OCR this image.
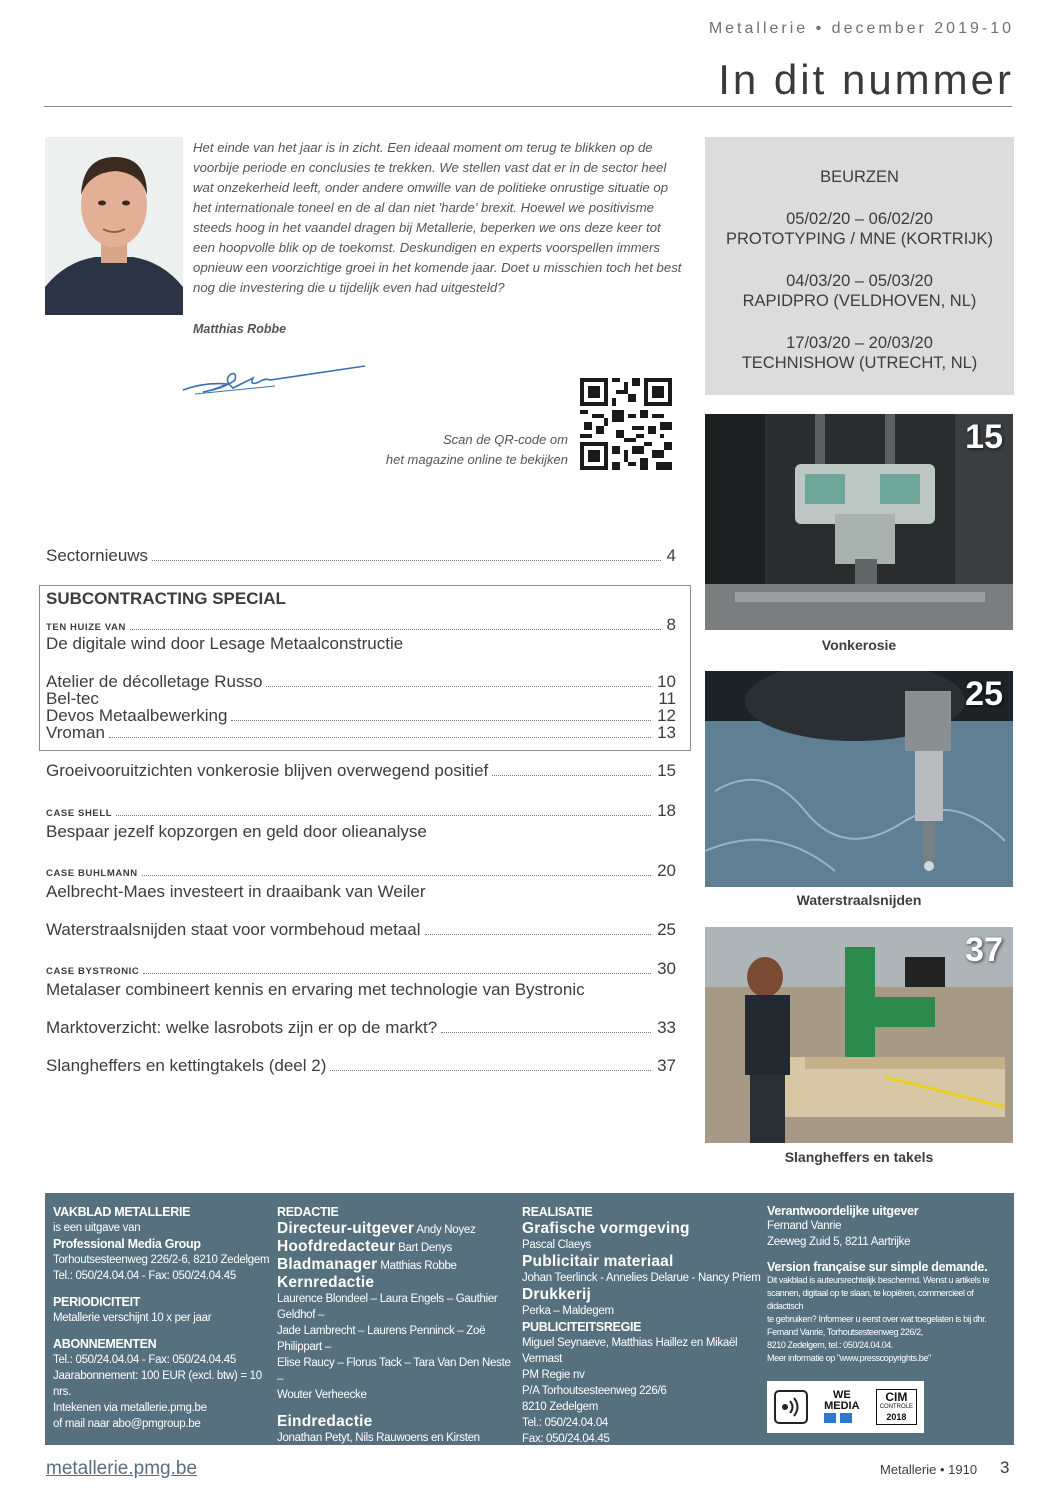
Metallerie • december 2019-10
In dit nummer

Het einde van het jaar is in zicht. Een ideaal moment om terug te blikken op de voorbije periode en conclusies te trekken. We stellen vast dat er in de sector heel wat onzekerheid leeft, onder andere omwille van de politieke onrustige situatie op het internationale toneel en de al dan niet 'harde' brexit. Hoewel we positivisme steeds hoog in het vaandel dragen bij Metallerie, beperken we ons deze keer tot een hoopvolle blik op de toekomst. Deskundigen en experts voorspellen immers opnieuw een voorzichtige groei in het komende jaar. Doet u misschien toch het best nog die investering die u tijdelijk even had uitgesteld?

Matthias Robbe
Scan de QR-code om
het magazine online te bekijken
BEURZEN
05/02/20 – 06/02/20
PROTOTYPING / MNE (KORTRIJK)
04/03/20 – 05/03/20
RAPIDPRO (VELDHOVEN, NL)
17/03/20 – 20/03/20
TECHNISHOW (UTRECHT, NL)
15
Vonkerosie
25
Waterstraalsnijden
37
Slangheffers en takels
Sectornieuws	4
SUBCONTRACTING SPECIAL
TEN HUIZE VAN	8
De digitale wind door Lesage Metaalconstructie
Atelier de décolletage Russo	10
Bel-tec	11
Devos Metaalbewerking	12
Vroman	13
Groeivooruitzichten vonkerosie blijven overwegend positief	15
CASE SHELL	18
Bespaar jezelf kopzorgen en geld door olieanalyse
CASE BUHLMANN	20
Aelbrecht-Maes investeert in draaibank van Weiler
Waterstraalsnijden staat voor vormbehoud metaal	25
CASE BYSTRONIC	30
Metalaser combineert kennis en ervaring met technologie van Bystronic
Marktoverzicht: welke lasrobots zijn er op de markt?	33
Slangheffers en kettingtakels (deel 2)	37
VAKBLAD METALLERIE
is een uitgave van
Professional Media Group
Torhoutsesteenweg 226/2-6, 8210 Zedelgem
Tel.: 050/24.04.04 - Fax: 050/24.04.45
PERIODICITEIT
Metallerie verschijnt 10 x per jaar
ABONNEMENTEN
Tel.: 050/24.04.04 - Fax: 050/24.04.45
Jaarabonnement: 100 EUR (excl. btw) = 10 nrs.
Intekenen via metallerie.pmg.be
of mail naar abo@pmgroup.be
REDACTIE
Directeur-uitgever Andy Noyez
Hoofdredacteur Bart Denys
Bladmanager Matthias Robbe
Kernredactie
Laurence Blondeel – Laura Engels – Gauthier Geldhof –
Jade Lambrecht – Laurens Penninck – Zoë Philippart –
Elise Raucy – Florus Tack – Tara Van Den Neste –
Wouter Verheecke
Eindredactie
Jonathan Petyt, Nils Rauwoens en Kirsten Ricquier
Medewerkers
Sammy Soetaert – Kevin Vercauteren – Peter Weber
REALISATIE
Grafische vormgeving
Pascal Claeys
Publicitair materiaal
Johan Teerlinck - Annelies Delarue - Nancy Priem
Drukkerij
Perka – Maldegem
PUBLICITEITSREGIE
Miguel Seynaeve, Matthias Haillez en Mikaël Vermast
PM Regie nv
P/A Torhoutsesteenweg 226/6
8210 Zedelgem
Tel.: 050/24.04.04
Fax: 050/24.04.45
Verantwoordelijke uitgever
Fernand Vanrie
Zeeweg Zuid 5, 8211 Aartrijke
Version française sur simple demande.
Dit vakblad is auteursrechtelijk beschermd. Wenst u artikels te
scannen, digitaal op te slaan, te kopiëren, commercieel of didactisch
te gebruiken? Informeer u eerst over wat toegelaten is bij dhr.
Fernand Vanrie, Torhoutsesteenweg 226/2,
8210 Zedelgem, tel.: 050/24.04.04.
Meer informatie op "www.presscopyrights.be"
WE
MEDIA
CIM
CONTROLE
2018
metallerie.pmg.be	Metallerie • 1910 3
